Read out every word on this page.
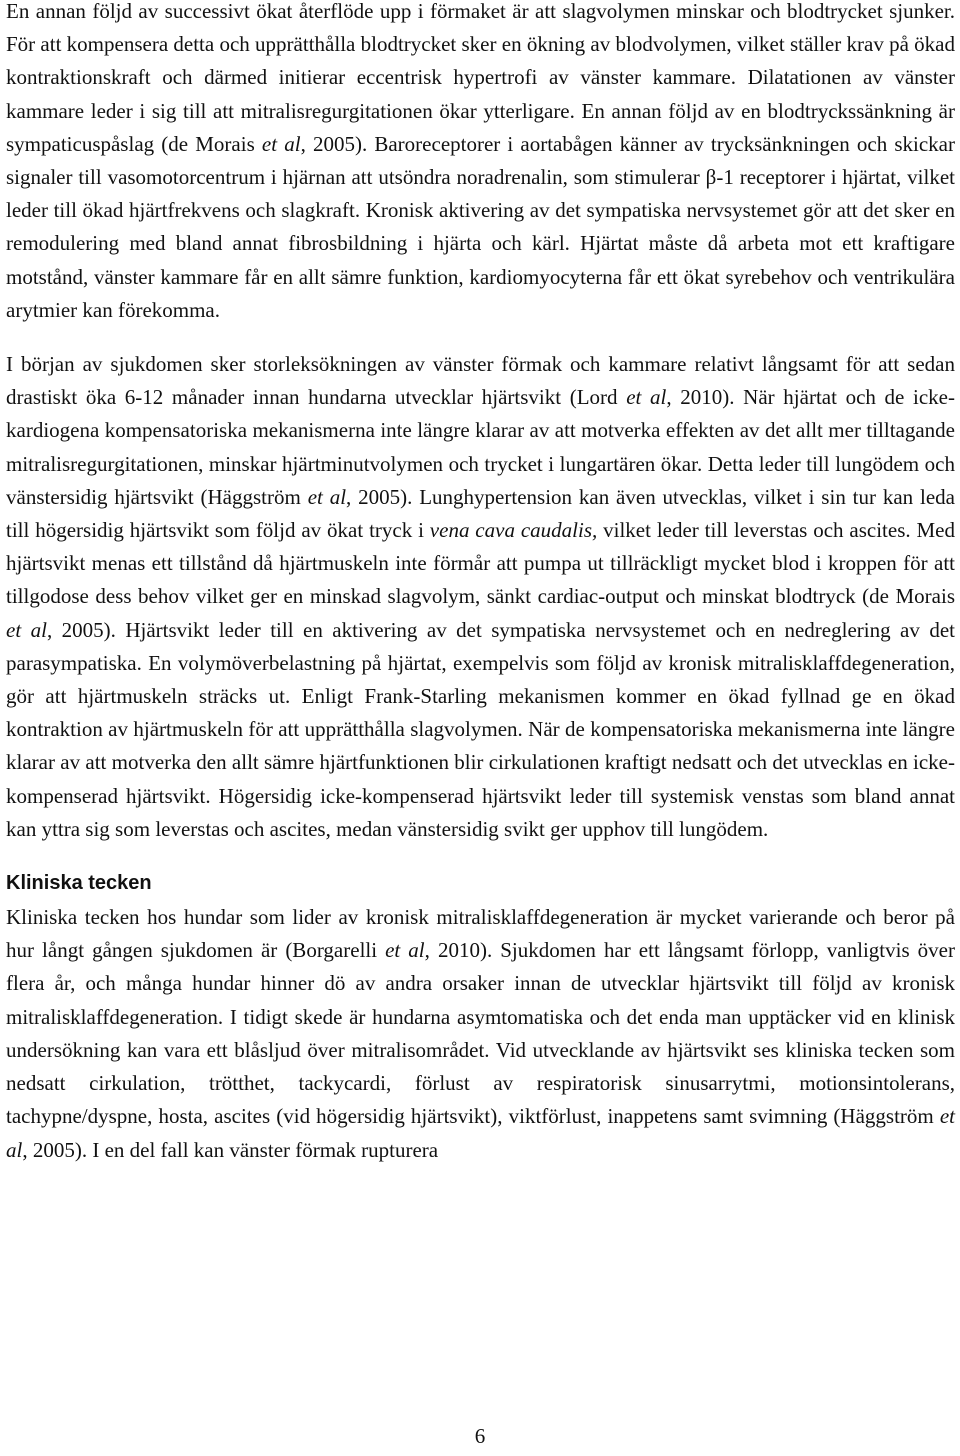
En annan följd av successivt ökat återflöde upp i förmaket är att slagvolymen minskar och blodtrycket sjunker. För att kompensera detta och upprätthålla blodtrycket sker en ökning av blodvolymen, vilket ställer krav på ökad kontraktionskraft och därmed initierar eccentrisk hypertrofi av vänster kammare. Dilatationen av vänster kammare leder i sig till att mitralisregurgitationen ökar ytterligare. En annan följd av en blodtryckssänkning är sympaticuspåslag (de Morais et al, 2005). Baroreceptorer i aortabågen känner av trycksänkningen och skickar signaler till vasomotorcentrum i hjärnan att utsöndra noradrenalin, som stimulerar β-1 receptorer i hjärtat, vilket leder till ökad hjärtfrekvens och slagkraft. Kronisk aktivering av det sympatiska nervsystemet gör att det sker en remodulering med bland annat fibrosbildning i hjärta och kärl. Hjärtat måste då arbeta mot ett kraftigare motstånd, vänster kammare får en allt sämre funktion, kardiomyocyterna får ett ökat syrebehov och ventrikulära arytmier kan förekomma.

I början av sjukdomen sker storleksökningen av vänster förmak och kammare relativt långsamt för att sedan drastiskt öka 6-12 månader innan hundarna utvecklar hjärtsvikt (Lord et al, 2010). När hjärtat och de icke-kardiogena kompensatoriska mekanismerna inte längre klarar av att motverka effekten av det allt mer tilltagande mitralisregurgitationen, minskar hjärtminutvolymen och trycket i lungartären ökar. Detta leder till lungödem och vänstersidig hjärtsvikt (Häggström et al, 2005). Lunghypertension kan även utvecklas, vilket i sin tur kan leda till högersidig hjärtsvikt som följd av ökat tryck i vena cava caudalis, vilket leder till leverstas och ascites. Med hjärtsvikt menas ett tillstånd då hjärtmuskeln inte förmår att pumpa ut tillräckligt mycket blod i kroppen för att tillgodose dess behov vilket ger en minskad slagvolym, sänkt cardiac-output och minskat blodtryck (de Morais et al, 2005). Hjärtsvikt leder till en aktivering av det sympatiska nervsystemet och en nedreglering av det parasympatiska. En volymöverbelastning på hjärtat, exempelvis som följd av kronisk mitralisklaffdegeneration, gör att hjärtmuskeln sträcks ut. Enligt Frank-Starling mekanismen kommer en ökad fyllnad ge en ökad kontraktion av hjärtmuskeln för att upprätthålla slagvolymen. När de kompensatoriska mekanismerna inte längre klarar av att motverka den allt sämre hjärtfunktionen blir cirkulationen kraftigt nedsatt och det utvecklas en icke-kompenserad hjärtsvikt. Högersidig icke-kompenserad hjärtsvikt leder till systemisk venstas som bland annat kan yttra sig som leverstas och ascites, medan vänstersidig svikt ger upphov till lungödem.

Kliniska tecken

Kliniska tecken hos hundar som lider av kronisk mitralisklaffdegeneration är mycket varierande och beror på hur långt gången sjukdomen är (Borgarelli et al, 2010). Sjukdomen har ett långsamt förlopp, vanligtvis över flera år, och många hundar hinner dö av andra orsaker innan de utvecklar hjärtsvikt till följd av kronisk mitralisklaffdegeneration. I tidigt skede är hundarna asymtomatiska och det enda man upptäcker vid en klinisk undersökning kan vara ett blåsljud över mitralisområdet. Vid utvecklande av hjärtsvikt ses kliniska tecken som nedsatt cirkulation, trötthet, tackycardi, förlust av respiratorisk sinusarrytmi, motionsintolerans, tachypne/dyspne, hosta, ascites (vid högersidig hjärtsvikt), viktförlust, inappetens samt svimning (Häggström et al, 2005). I en del fall kan vänster förmak rupturera

6
